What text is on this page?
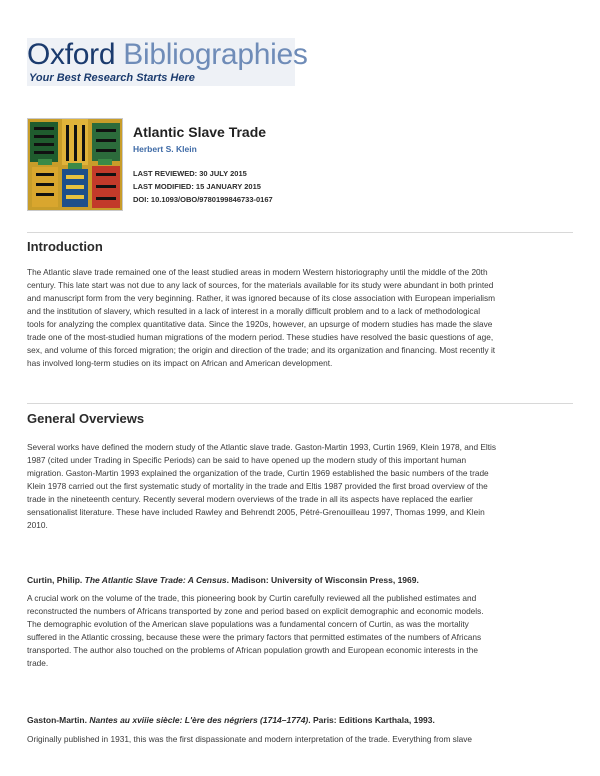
Oxford Bibliographies
Your Best Research Starts Here
Atlantic Slave Trade
Herbert S. Klein
LAST REVIEWED: 30 JULY 2015
LAST MODIFIED: 15 JANUARY 2015
DOI: 10.1093/OBO/9780199846733-0167
Introduction
The Atlantic slave trade remained one of the least studied areas in modern Western historiography until the middle of the 20th
century. This late start was not due to any lack of sources, for the materials available for its study were abundant in both printed
and manuscript form from the very beginning. Rather, it was ignored because of its close association with European imperialism
and the institution of slavery, which resulted in a lack of interest in a morally difficult problem and to a lack of methodological
tools for analyzing the complex quantitative data. Since the 1920s, however, an upsurge of modern studies has made the slave
trade one of the most-studied human migrations of the modern period. These studies have resolved the basic questions of age,
sex, and volume of this forced migration; the origin and direction of the trade; and its organization and financing. Most recently it
has involved long-term studies on its impact on African and American development.
General Overviews
Several works have defined the modern study of the Atlantic slave trade. Gaston-Martin 1993, Curtin 1969, Klein 1978, and Eltis
1987 (cited under Trading in Specific Periods) can be said to have opened up the modern study of this important human
migration. Gaston-Martin 1993 explained the organization of the trade, Curtin 1969 established the basic numbers of the trade
Klein 1978 carried out the first systematic study of mortality in the trade and Eltis 1987 provided the first broad overview of the
trade in the nineteenth century. Recently several modern overviews of the trade in all its aspects have replaced the earlier
sensationalist literature. These have included Rawley and Behrendt 2005, Pétré-Grenouilleau 1997, Thomas 1999, and Klein
2010.
Curtin, Philip. The Atlantic Slave Trade: A Census. Madison: University of Wisconsin Press, 1969.
A crucial work on the volume of the trade, this pioneering book by Curtin carefully reviewed all the published estimates and
reconstructed the numbers of Africans transported by zone and period based on explicit demographic and economic models.
The demographic evolution of the American slave populations was a fundamental concern of Curtin, as was the mortality
suffered in the Atlantic crossing, because these were the primary factors that permitted estimates of the numbers of Africans
transported. The author also touched on the problems of African population growth and European economic interests in the
trade.
Gaston-Martin. Nantes au xviiie siècle: L'ère des négriers (1714–1774). Paris: Editions Karthala, 1993.
Originally published in 1931, this was the first dispassionate and modern interpretation of the trade. Everything from slave
